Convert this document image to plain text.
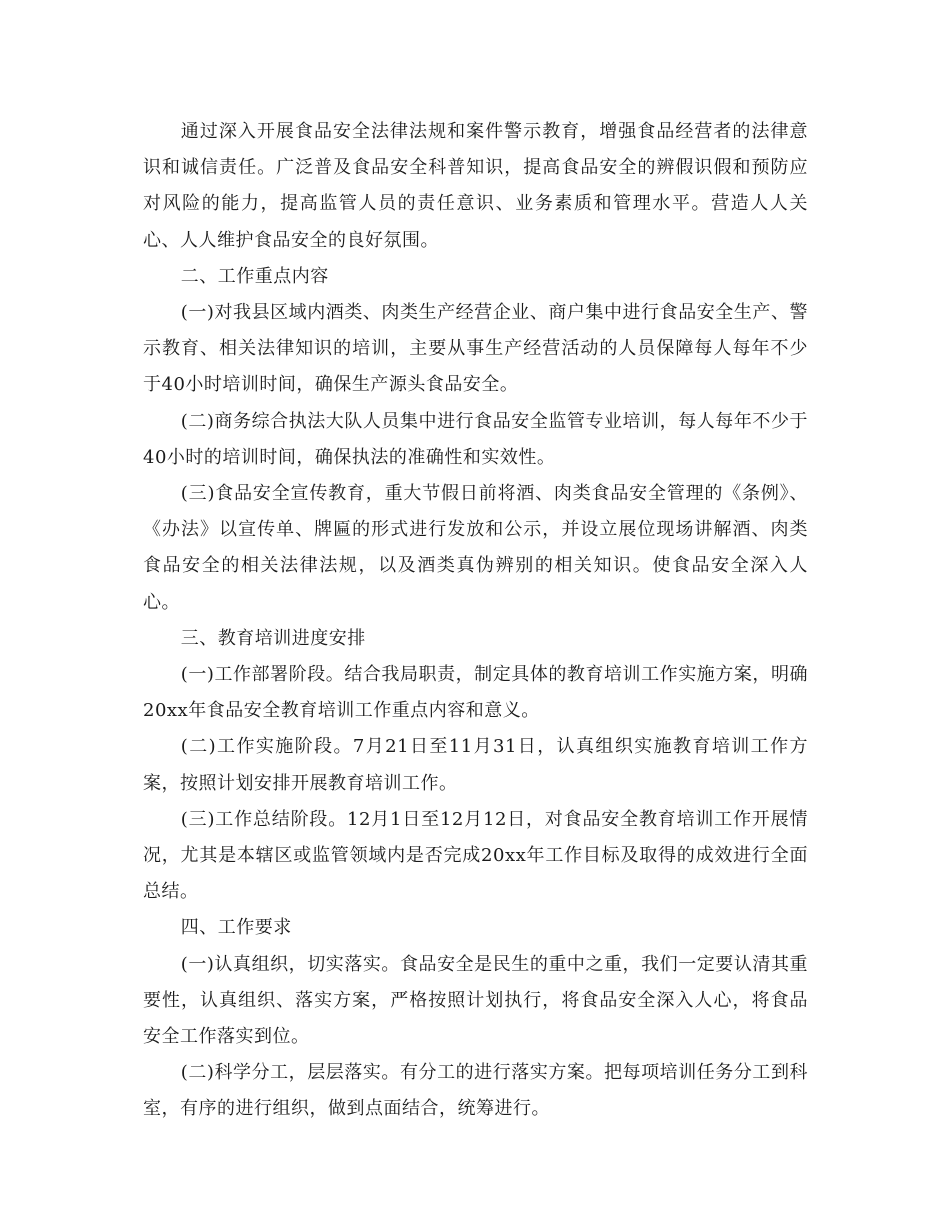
通过深入开展食品安全法律法规和案件警示教育，增强食品经营者的法律意识和诚信责任。广泛普及食品安全科普知识，提高食品安全的辨假识假和预防应对风险的能力，提高监管人员的责任意识、业务素质和管理水平。营造人人关心、人人维护食品安全的良好氛围。

二、工作重点内容

(一)对我县区域内酒类、肉类生产经营企业、商户集中进行食品安全生产、警示教育、相关法律知识的培训，主要从事生产经营活动的人员保障每人每年不少于40小时培训时间，确保生产源头食品安全。

(二)商务综合执法大队人员集中进行食品安全监管专业培训，每人每年不少于40小时的培训时间，确保执法的准确性和实效性。

(三)食品安全宣传教育，重大节假日前将酒、肉类食品安全管理的《条例》、《办法》以宣传单、牌匾的形式进行发放和公示，并设立展位现场讲解酒、肉类食品安全的相关法律法规，以及酒类真伪辨别的相关知识。使食品安全深入人心。

三、教育培训进度安排

(一)工作部署阶段。结合我局职责，制定具体的教育培训工作实施方案，明确20xx年食品安全教育培训工作重点内容和意义。

(二)工作实施阶段。7月21日至11月31日，认真组织实施教育培训工作方案，按照计划安排开展教育培训工作。

(三)工作总结阶段。12月1日至12月12日，对食品安全教育培训工作开展情况，尤其是本辖区或监管领域内是否完成20xx年工作目标及取得的成效进行全面总结。

四、工作要求

(一)认真组织，切实落实。食品安全是民生的重中之重，我们一定要认清其重要性，认真组织、落实方案，严格按照计划执行，将食品安全深入人心，将食品安全工作落实到位。

(二)科学分工，层层落实。有分工的进行落实方案。把每项培训任务分工到科室，有序的进行组织，做到点面结合，统筹进行。
